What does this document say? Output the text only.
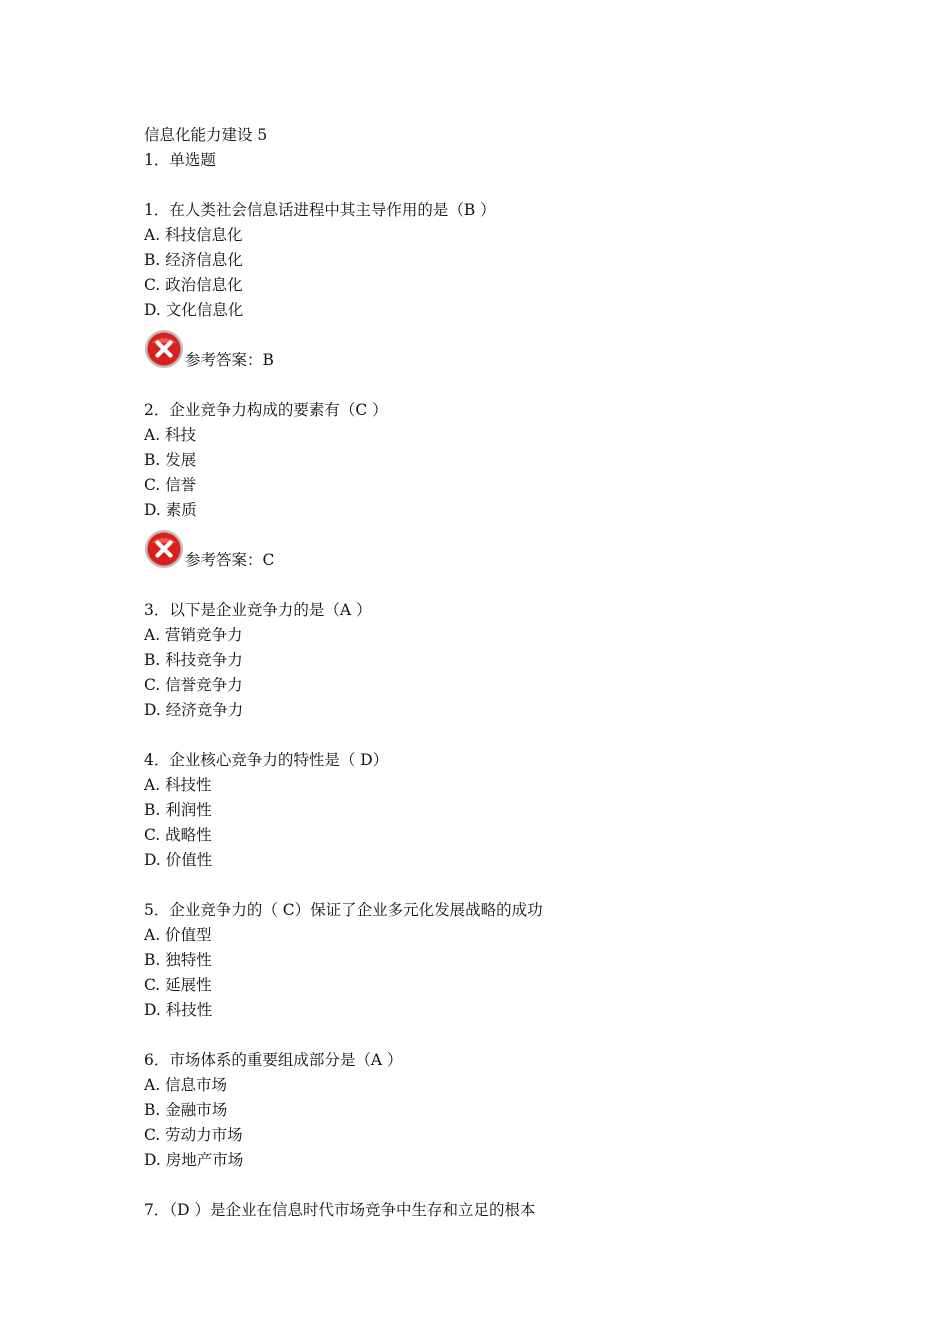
信息化能力建设 5
1．单选题
1．在人类社会信息话进程中其主导作用的是（B ）
A. 科技信息化
B. 经济信息化
C. 政治信息化
D. 文化信息化
参考答案：B
2．企业竞争力构成的要素有（C ）
A. 科技
B. 发展
C. 信誉
D. 素质
参考答案：C
3．以下是企业竞争力的是（A ）
A. 营销竞争力
B. 科技竞争力
C. 信誉竞争力
D. 经济竞争力
4．企业核心竞争力的特性是（ D）
A. 科技性
B. 利润性
C. 战略性
D. 价值性
5．企业竞争力的（ C）保证了企业多元化发展战略的成功
A. 价值型
B. 独特性
C. 延展性
D. 科技性
6．市场体系的重要组成部分是（A ）
A. 信息市场
B. 金融市场
C. 劳动力市场
D. 房地产市场
7．（D ）是企业在信息时代市场竞争中生存和立足的根本
